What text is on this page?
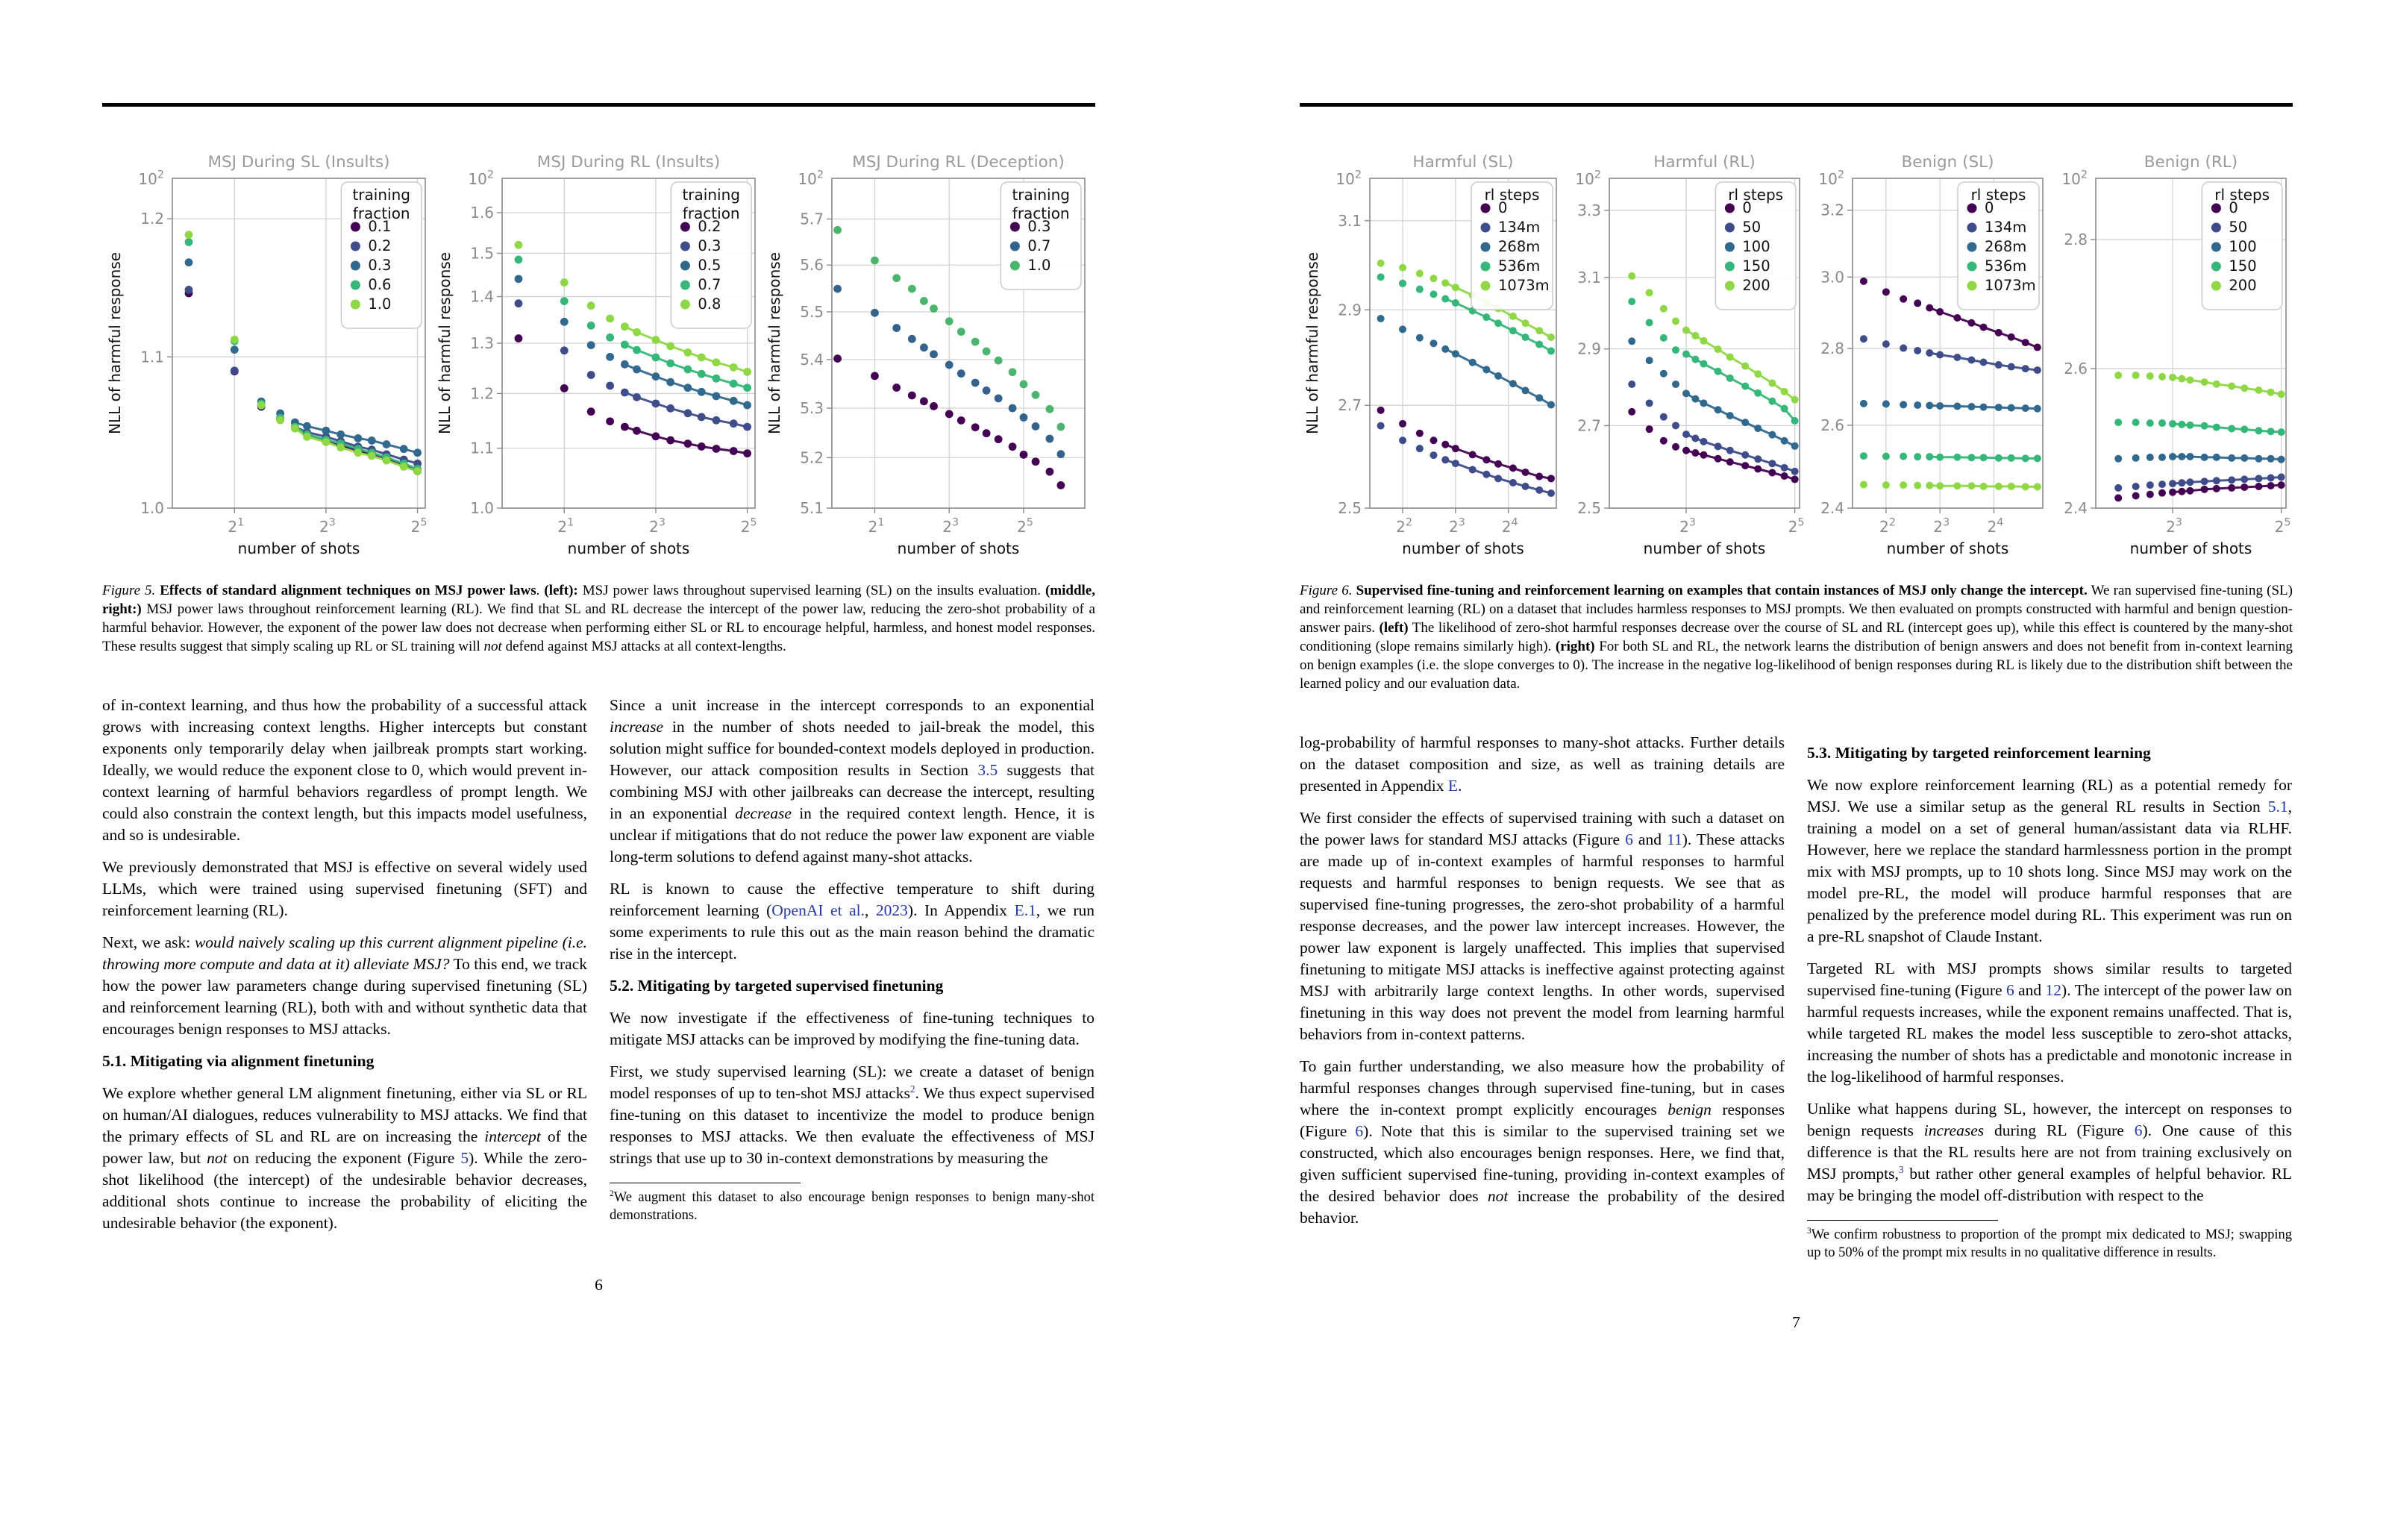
$2^1$	$2^3$	$2^5$
1.0
1.1
1.2
$10^2$
MSJ During SL (Insults)
NLL of harmful response
number of shots
training
fraction
0.1
0.2
0.3
0.6
1.0
$2^1$	$2^3$	$2^5$
1.0
1.1
1.2
1.3
1.4
1.5
1.6
$10^2$
MSJ During RL (Insults)
NLL of harmful response
number of shots
training
fraction
0.2
0.3
0.5
0.7
0.8
$2^1$	$2^3$	$2^5$
5.1
5.2
5.3
5.4
5.5
5.6
5.7
$10^2$
MSJ During RL (Deception)
NLL of harmful response
number of shots
training
fraction
0.3
0.7
1.0
Figure 5. Effects of standard alignment techniques on MSJ power laws. (left): MSJ power laws throughout supervised learning (SL) on the insults evaluation. (middle, right:) MSJ power laws throughout reinforcement learning (RL). We find that SL and RL decrease the intercept of the power law, reducing the zero-shot probability of a harmful behavior. However, the exponent of the power law does not decrease when performing either SL or RL to encourage helpful, harmless, and honest model responses. These results suggest that simply scaling up RL or SL training will not defend against MSJ attacks at all context-lengths.

of in-context learning, and thus how the probability of a successful attack grows with increasing context lengths. Higher intercepts but constant exponents only temporarily delay when jailbreak prompts start working. Ideally, we would reduce the exponent close to 0, which would prevent in-context learning of harmful behaviors regardless of prompt length. We could also constrain the context length, but this impacts model usefulness, and so is undesirable.

We previously demonstrated that MSJ is effective on several widely used LLMs, which were trained using supervised finetuning (SFT) and reinforcement learning (RL).

Next, we ask: would naively scaling up this current alignment pipeline (i.e. throwing more compute and data at it) alleviate MSJ? To this end, we track how the power law parameters change during supervised finetuning (SL) and reinforcement learning (RL), both with and without synthetic data that encourages benign responses to MSJ attacks.

5.1. Mitigating via alignment finetuning

We explore whether general LM alignment finetuning, either via SL or RL on human/AI dialogues, reduces vulnerability to MSJ attacks. We find that the primary effects of SL and RL are on increasing the intercept of the power law, but not on reducing the exponent (Figure 5). While the zero-shot likelihood (the intercept) of the undesirable behavior decreases, additional shots continue to increase the probability of eliciting the undesirable behavior (the exponent).

Since a unit increase in the intercept corresponds to an exponential increase in the number of shots needed to jail-break the model, this solution might suffice for bounded-context models deployed in production. However, our attack composition results in Section 3.5 suggests that combining MSJ with other jailbreaks can decrease the intercept, resulting in an exponential decrease in the required context length. Hence, it is unclear if mitigations that do not reduce the power law exponent are viable long-term solutions to defend against many-shot attacks.

RL is known to cause the effective temperature to shift during reinforcement learning (OpenAI et al., 2023). In Appendix E.1, we run some experiments to rule this out as the main reason behind the dramatic rise in the intercept.

5.2. Mitigating by targeted supervised finetuning

We now investigate if the effectiveness of fine-tuning techniques to mitigate MSJ attacks can be improved by modifying the fine-tuning data.

First, we study supervised learning (SL): we create a dataset of benign model responses of up to ten-shot MSJ attacks$^2$. We thus expect supervised fine-tuning on this dataset to incentivize the model to produce benign responses to MSJ attacks. We then evaluate the effectiveness of MSJ strings that use up to 30 in-context demonstrations by measuring the

$^2$We augment this dataset to also encourage benign responses to benign many-shot demonstrations.
6
$2^2$ $2^3$ $2^4$
2.5
2.7
2.9
3.1
$10^2$
Harmful (SL)
NLL of harmful response
number of shots
rl steps
0
134m
268m
536m
1073m
$2^3$	$2^5$
2.5
2.7
2.9
3.1
3.3
$10^2$
Harmful (RL)
number of shots
rl steps
0
50
100
150
200
$2^2$	$2^3$	$2^4$
2.4
2.6
2.8
3.0
3.2
$10^2$
Benign (SL)
number of shots
rl steps
0
134m
268m
536m
1073m
$2^3$	$2^5$
2.4
2.6
2.8
$10^2$
Benign (RL)
number of shots
rl steps
0
50
100
150
200
Figure 6. Supervised fine-tuning and reinforcement learning on examples that contain instances of MSJ only change the intercept. We ran supervised fine-tuning (SL) and reinforcement learning (RL) on a dataset that includes harmless responses to MSJ prompts. We then evaluated on prompts constructed with harmful and benign question-answer pairs. (left) The likelihood of zero-shot harmful responses decrease over the course of SL and RL (intercept goes up), while this effect is countered by the many-shot conditioning (slope remains similarly high). (right) For both SL and RL, the network learns the distribution of benign answers and does not benefit from in-context learning on benign examples (i.e. the slope converges to 0). The increase in the negative log-likelihood of benign responses during RL is likely due to the distribution shift between the learned policy and our evaluation data.

log-probability of harmful responses to many-shot attacks. Further details on the dataset composition and size, as well as training details are presented in Appendix E.

We first consider the effects of supervised training with such a dataset on the power laws for standard MSJ attacks (Figure 6 and 11). These attacks are made up of in-context examples of harmful responses to harmful requests and harmful responses to benign requests. We see that as supervised fine-tuning progresses, the zero-shot probability of a harmful response decreases, and the power law intercept increases. However, the power law exponent is largely unaffected. This implies that supervised finetuning to mitigate MSJ attacks is ineffective against protecting against MSJ with arbitrarily large context lengths. In other words, supervised finetuning in this way does not prevent the model from learning harmful behaviors from in-context patterns.

To gain further understanding, we also measure how the probability of harmful responses changes through supervised fine-tuning, but in cases where the in-context prompt explicitly encourages benign responses (Figure 6). Note that this is similar to the supervised training set we constructed, which also encourages benign responses. Here, we find that, given sufficient supervised fine-tuning, providing in-context examples of the desired behavior does not increase the probability of the desired behavior.

5.3. Mitigating by targeted reinforcement learning

We now explore reinforcement learning (RL) as a potential remedy for MSJ. We use a similar setup as the general RL results in Section 5.1, training a model on a set of general human/assistant data via RLHF. However, here we replace the standard harmlessness portion in the prompt mix with MSJ prompts, up to 10 shots long. Since MSJ may work on the model pre-RL, the model will produce harmful responses that are penalized by the preference model during RL. This experiment was run on a pre-RL snapshot of Claude Instant.

Targeted RL with MSJ prompts shows similar results to targeted supervised fine-tuning (Figure 6 and 12). The intercept of the power law on harmful requests increases, while the exponent remains unaffected. That is, while targeted RL makes the model less susceptible to zero-shot attacks, increasing the number of shots has a predictable and monotonic increase in the log-likelihood of harmful responses.

Unlike what happens during SL, however, the intercept on responses to benign requests increases during RL (Figure 6). One cause of this difference is that the RL results here are not from training exclusively on MSJ prompts,$^3$ but rather other general examples of helpful behavior. RL may be bringing the model off-distribution with respect to the

$^3$We confirm robustness to proportion of the prompt mix dedicated to MSJ; swapping up to 50% of the prompt mix results in no qualitative difference in results.
7
